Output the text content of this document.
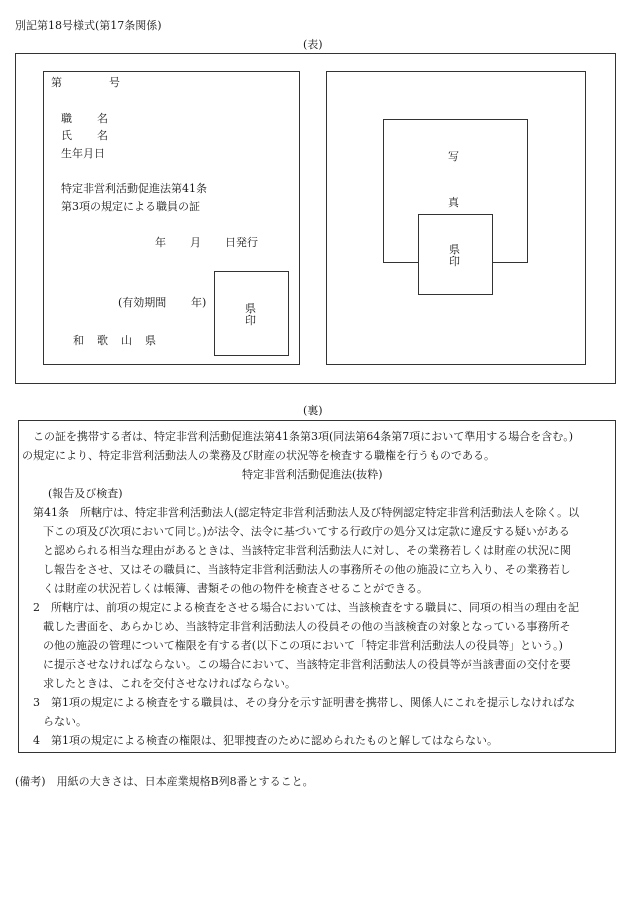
別記第18号様式(第17条関係)
(表)
第	号
職 名
氏 名
生年月日
特定非営利活動促進法第41条
第3項の規定による職員の証
年 月 日発行
(有効期間 年)	県
印
和 歌 山 県
写
真
県
印
(裏)
この証を携帯する者は、特定非営利活動促進法第41条第3項(同法第64条第7項において準用する場合を含む。)
の規定により、特定非営利活動法人の業務及び財産の状況等を検査する職権を行うものである。
特定非営利活動促進法(抜粋)
(報告及び検査)
第41条　所轄庁は、特定非営利活動法人(認定特定非営利活動法人及び特例認定特定非営利活動法人を除く。以
下この項及び次項において同じ。)が法令、法令に基づいてする行政庁の処分又は定款に違反する疑いがある
と認められる相当な理由があるときは、当該特定非営利活動法人に対し、その業務若しくは財産の状況に関
し報告をさせ、又はその職員に、当該特定非営利活動法人の事務所その他の施設に立ち入り、その業務若し
くは財産の状況若しくは帳簿、書類その他の物件を検査させることができる。
2　所轄庁は、前項の規定による検査をさせる場合においては、当該検査をする職員に、同項の相当の理由を記
載した書面を、あらかじめ、当該特定非営利活動法人の役員その他の当該検査の対象となっている事務所そ
の他の施設の管理について権限を有する者(以下この項において「特定非営利活動法人の役員等」という。)
に提示させなければならない。この場合において、当該特定非営利活動法人の役員等が当該書面の交付を要
求したときは、これを交付させなければならない。
3　第1項の規定による検査をする職員は、その身分を示す証明書を携帯し、関係人にこれを提示しなければな
らない。
4　第1項の規定による検査の権限は、犯罪捜査のために認められたものと解してはならない。
(備考)　用紙の大きさは、日本産業規格B列8番とすること。
